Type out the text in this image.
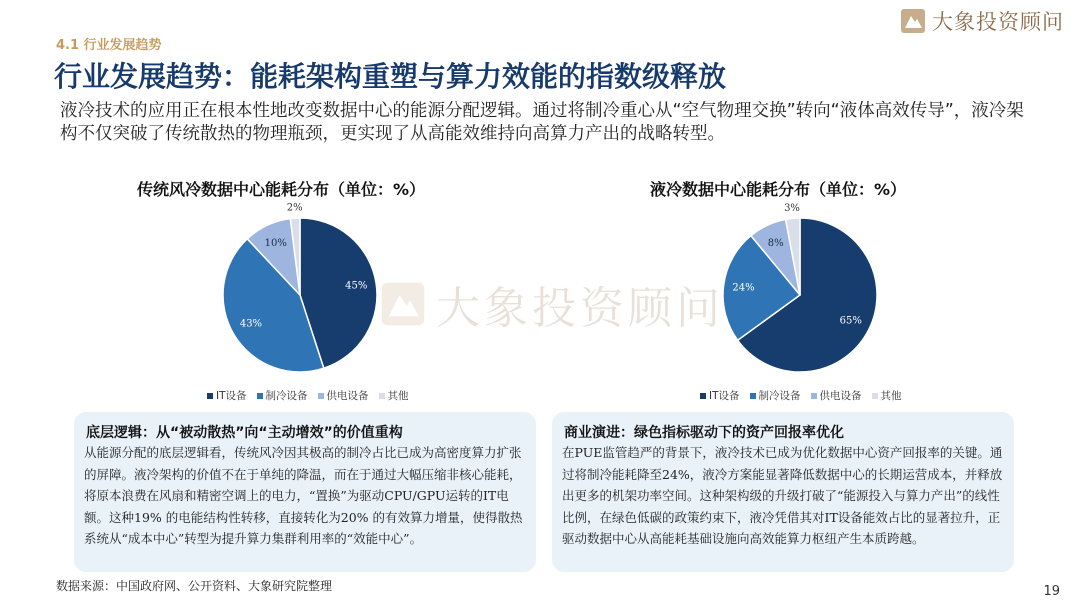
4.1 行业发展趋势
大象投资顾问
行业发展趋势：能耗架构重塑与算力效能的指数级释放
液冷技术的应用正在根本性地改变数据中心的能源分配逻辑。通过将制冷重心从“空气物理交换”转向“液体高效传导”，液冷架构不仅突破了传统散热的物理瓶颈，更实现了从高能效维持向高算力产出的战略转型。
传统风冷数据中心能耗分布（单位：%）	液冷数据中心能耗分布（单位：%）
45%
43%
10%
2%
65%
24%
8%
3%
IT设备 制冷设备 供电设备 其他	IT设备 制冷设备 供电设备 其他
大象投资顾问
底层逻辑：从“被动散热”向“主动增效”的价值重构

从能源分配的底层逻辑看，传统风冷因其极高的制冷占比已成为高密度算力扩张的屏障。液冷架构的价值不在于单纯的降温，而在于通过大幅压缩非核心能耗，将原本浪费在风扇和精密空调上的电力，“置换”为驱动CPU/GPU运转的IT电额。这种19% 的电能结构性转移，直接转化为20% 的有效算力增量，使得散热系统从“成本中心”转型为提升算力集群利用率的“效能中心”。

商业演进：绿色指标驱动下的资产回报率优化

在PUE监管趋严的背景下，液冷技术已成为优化数据中心资产回报率的关键。通过将制冷能耗降至24%，液冷方案能显著降低数据中心的长期运营成本，并释放出更多的机架功率空间。这种架构级的升级打破了“能源投入与算力产出”的线性比例，在绿色低碳的政策约束下，液冷凭借其对IT设备能效占比的显著拉升，正驱动数据中心从高能耗基础设施向高效能算力枢纽产生本质跨越。

数据来源：中国政府网、公开资料、大象研究院整理	19
